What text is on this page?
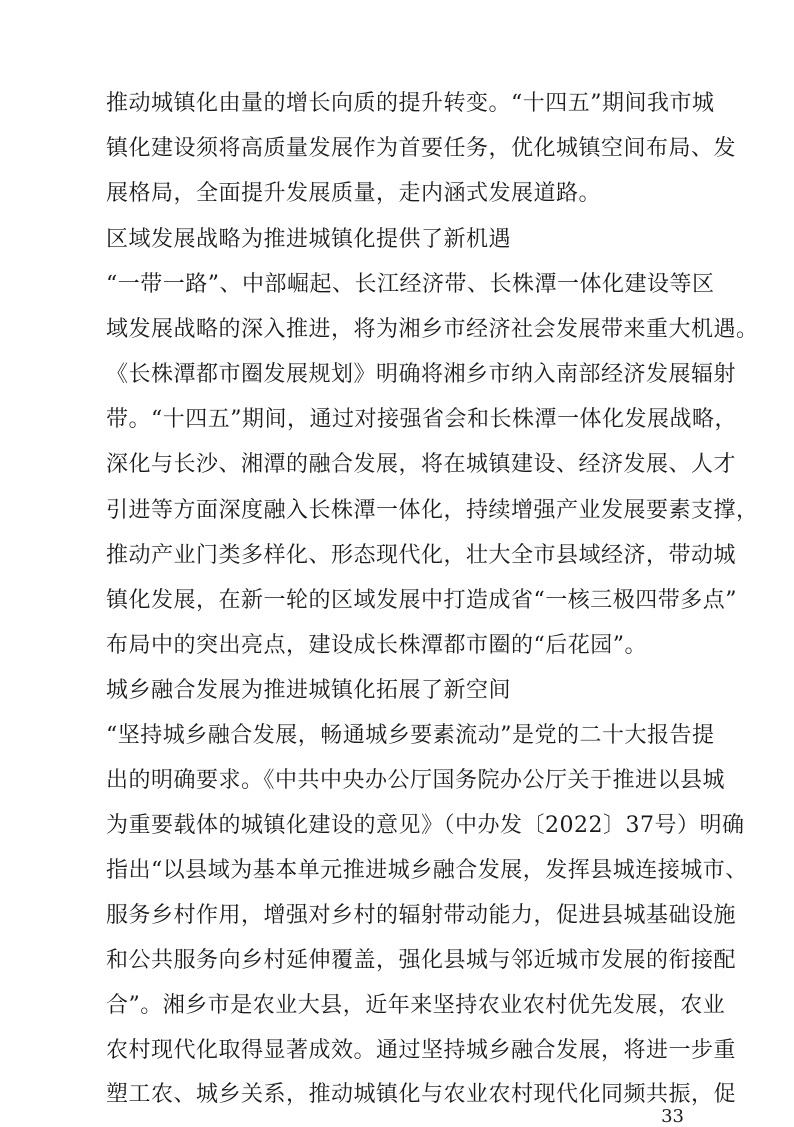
推动城镇化由量的增长向质的提升转变。“十四五”期间我市城
镇化建设须将高质量发展作为首要任务，优化城镇空间布局、发
展格局，全面提升发展质量，走内涵式发展道路。
区域发展战略为推进城镇化提供了新机遇
“一带一路”、中部崛起、长江经济带、长株潭一体化建设等区
域发展战略的深入推进，将为湘乡市经济社会发展带来重大机遇。
《长株潭都市圈发展规划》明确将湘乡市纳入南部经济发展辐射
带。“十四五”期间，通过对接强省会和长株潭一体化发展战略，
深化与长沙、湘潭的融合发展，将在城镇建设、经济发展、人才
引进等方面深度融入长株潭一体化，持续增强产业发展要素支撑，
推动产业门类多样化、形态现代化，壮大全市县域经济，带动城
镇化发展，在新一轮的区域发展中打造成省“一核三极四带多点”
布局中的突出亮点，建设成长株潭都市圈的“后花园”。
城乡融合发展为推进城镇化拓展了新空间
“坚持城乡融合发展，畅通城乡要素流动”是党的二十大报告提
出的明确要求。《中共中央办公厅国务院办公厅关于推进以县城
为重要载体的城镇化建设的意见》（中办发〔2022〕37号）明确
指出“以县域为基本单元推进城乡融合发展，发挥县城连接城市、
服务乡村作用，增强对乡村的辐射带动能力，促进县城基础设施
和公共服务向乡村延伸覆盖，强化县城与邻近城市发展的衔接配
合”。湘乡市是农业大县，近年来坚持农业农村优先发展，农业
农村现代化取得显著成效。通过坚持城乡融合发展，将进一步重
塑工农、城乡关系，推动城镇化与农业农村现代化同频共振，促
33
